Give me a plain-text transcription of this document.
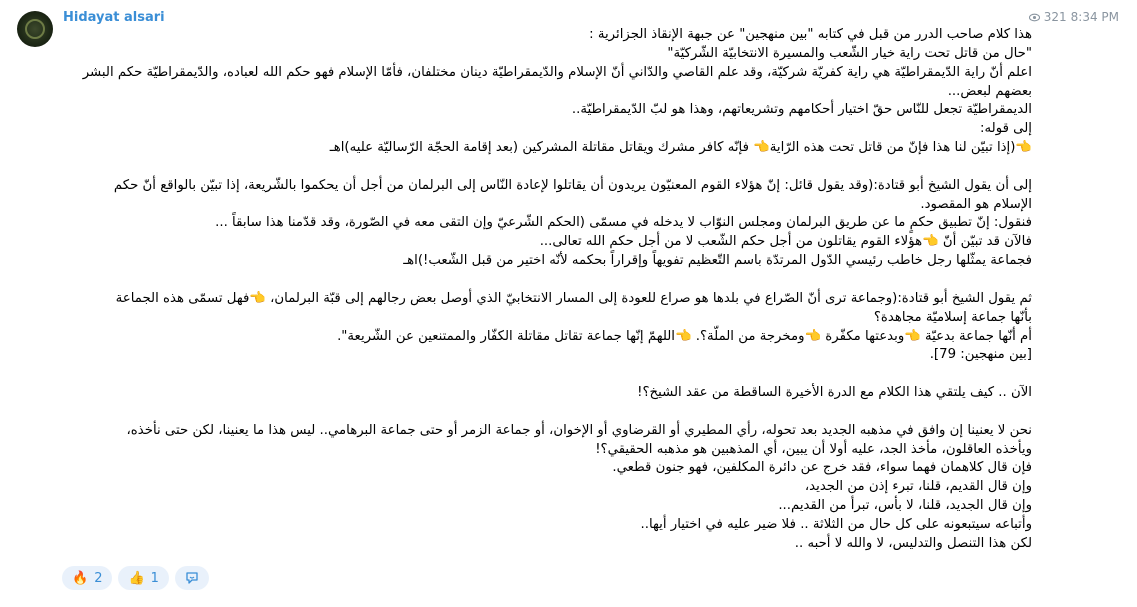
Hidayat alsari	321 8:34 PM
هذا كلام صاحب الدرر من قبل في كتابه "بين منهجين" عن جبهة الإنقاذ الجزائرية :
"حال من قاتل تحت راية خيار الشّعب والمسيرة الانتخابيّة الشّركيّة"
اعلم أنّ راية الدّيمقراطيّة هي راية كفريّة شركيّة، وقد علم القاصي والدّاني أنّ الإسلام والدّيمقراطيّة دينان مختلفان، فأمّا الإسلام فهو حكم الله لعباده، والدّيمقراطيّة حكم البشر
بعضهم لبعض...
الديمقراطيّة تجعل للنّاس حقّ اختيار أحكامهم وتشريعاتهم، وهذا هو لبّ الدّيمقراطيّة..
إلى قوله:
👈(إذا تبيّن لنا هذا فإنّ من قاتل تحت هذه الرّاية👈 فإنّه كافر مشرك ويقاتل مقاتلة المشركين (بعد إقامة الحجّة الرّساليّة عليه)اهـ

إلى أن يقول الشيخ أبو قتادة:(وقد يقول قائل: إنّ هؤلاء القوم المعنيّون يريدون أن يقاتلوا لإعادة النّاس إلى البرلمان من أجل أن يحكموا بالشّريعة، إذا تبيّن بالواقع أنّ حكم
الإسلام هو المقصود.
فنقول: إنّ تطبيق حكمٍ ما عن طريق البرلمان ومجلس النوّاب لا يدخله في مسمّى (الحكم الشّرعيّ وإن التقى معه في الصّورة، وقد قدّمنا هذا سابقاً ...
فالآن قد تبيّن أنّ 👈هؤلاء القوم يقاتلون من أجل حكم الشّعب لا من أجل حكم الله تعالى...
فجماعة يمثّلها رجل خاطب رئيسي الدّول المرتدّة باسم التّعظيم تفويهاً وإقراراً بحكمه لأنّه اختير من قبل الشّعب!)اهـ

ثم يقول الشيخ أبو قتادة:(وجماعة ترى أنّ الصّراع في بلدها هو صراع للعودة إلى المسار الانتخابيّ الذي أوصل بعض رجالهم إلى قبّة البرلمان، 👈فهل تسمّى هذه الجماعة
بأنّها جماعة إسلاميّة مجاهدة؟
أم أنّها جماعة بدعيّة 👈وبدعتها مكفّرة 👈ومخرجة من الملّة؟. 👈اللهمّ إنّها جماعة تقاتل مقاتلة الكفّار والممتنعين عن الشّريعة".
[بين منهجين: 79].

الآن .. كيف يلتقي هذا الكلام مع الدرة الأخيرة الساقطة من عقد الشيخ؟!

نحن لا يعنينا إن وافق في مذهبه الجديد بعد تحوله، رأي المطيري أو القرضاوي أو الإخوان، أو جماعة الزمر أو حتى جماعة البرهامي.. ليس هذا ما يعنينا، لكن حتى نأخذه،
ويأخذه العاقلون، مأخذ الجد، عليه أولا أن يبين، أي المذهبين هو مذهبه الحقيقي؟!
فإن قال كلاهمان فهما سواء، فقد خرج عن دائرة المكلفين، فهو جنون قطعي.
وإن قال القديم، قلنا، تبرء إذن من الجديد،
وإن قال الجديد، قلنا، لا بأس، تبرأ من القديم...
وأتباعه سيتبعونه على كل حال من الثلاثة .. فلا ضير عليه في اختيار أيها..
لكن هذا التنصل والتدليس، لا والله لا أحبه ..
🔥 2 👍 1
